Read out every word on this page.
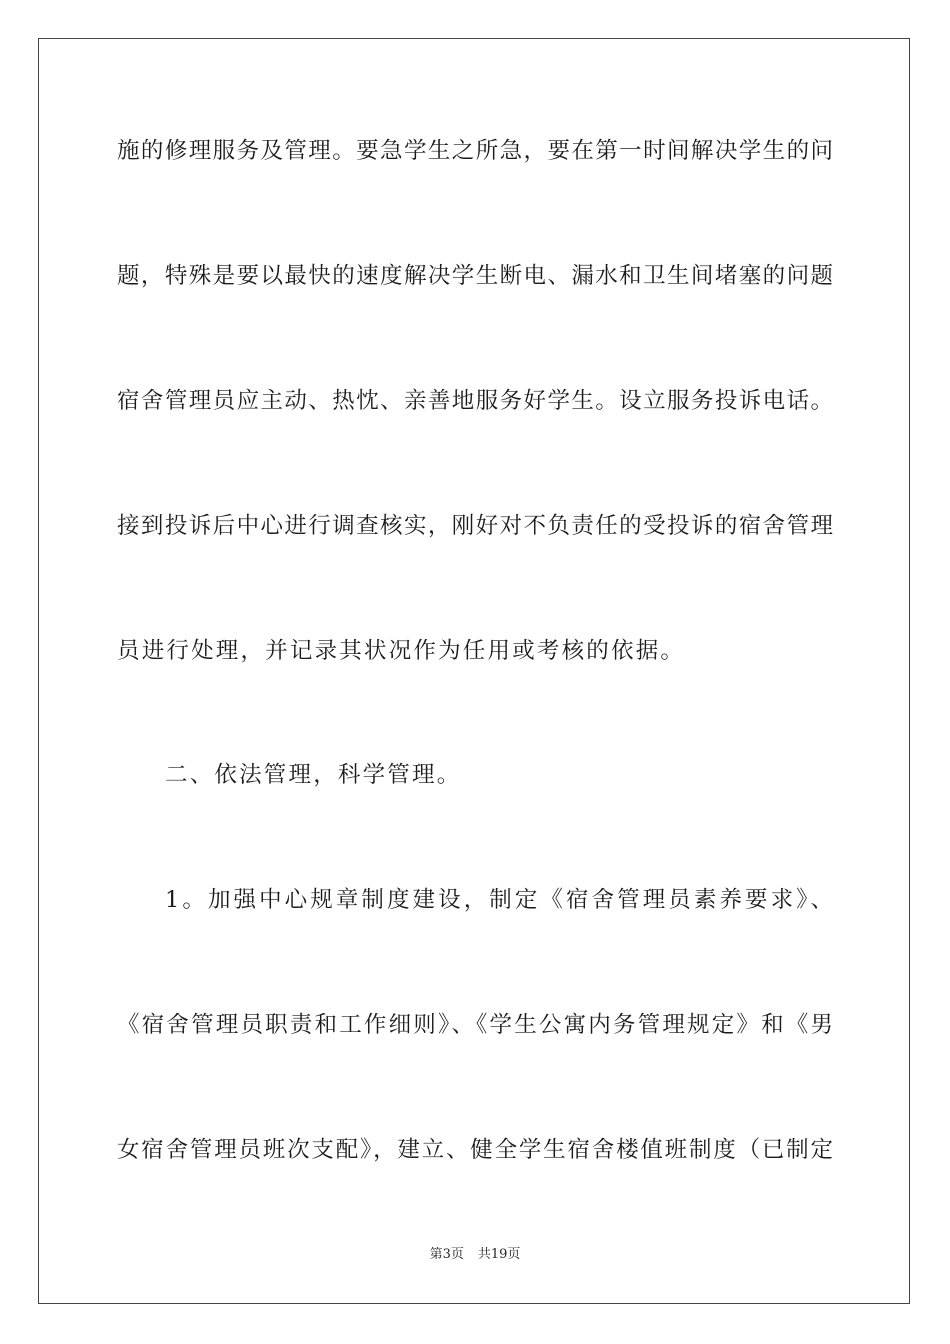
施的修理服务及管理。要急学生之所急，要在第一时间解决学生的问
题，特殊是要以最快的速度解决学生断电、漏水和卫生间堵塞的问题
宿舍管理员应主动、热忱、亲善地服务好学生。设立服务投诉电话。
接到投诉后中心进行调查核实，刚好对不负责任的受投诉的宿舍管理
员进行处理，并记录其状况作为任用或考核的依据。
二、依法管理，科学管理。
1。加强中心规章制度建设，制定《宿舍管理员素养要求》、
《宿舍管理员职责和工作细则》、《学生公寓内务管理规定》和《男
女宿舍管理员班次支配》，建立、健全学生宿舍楼值班制度（已制定
第3页 共19页
